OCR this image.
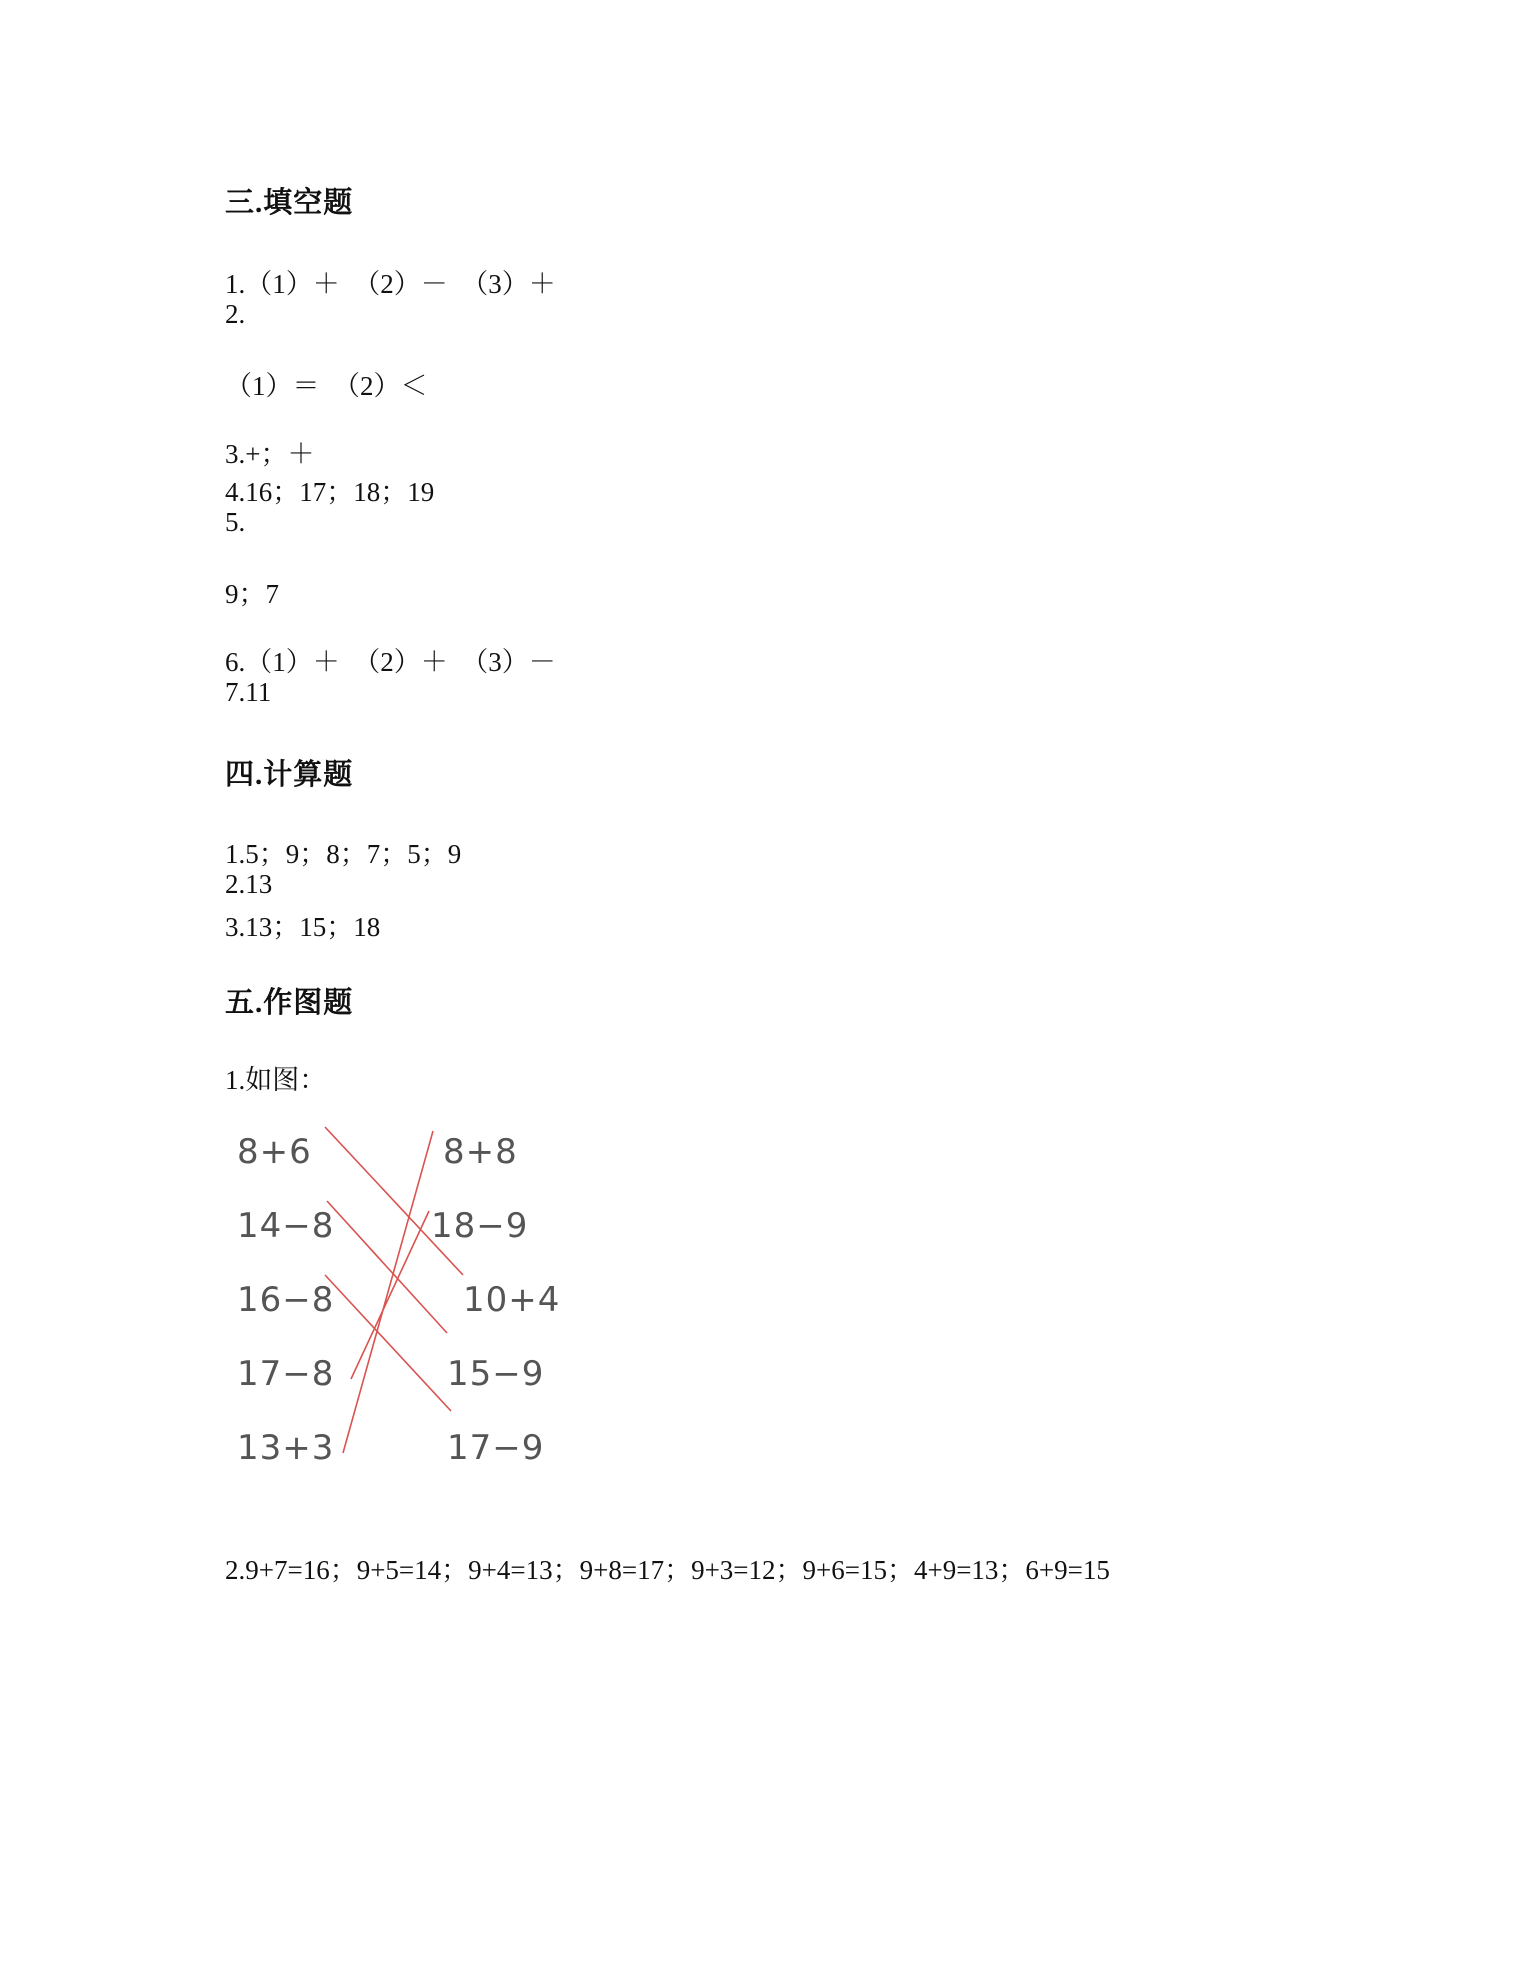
三.填空题
1.（1）＋　（2）－　（3）＋
2.
（1）＝　（2）＜
3.+；＋
4.16；17；18；19
5.
9；7
6.（1）＋　（2）＋　（3）－
7.11
四.计算题
1.5；9；8；7；5；9
2.13
3.13；15；18
五.作图题
1.如图：
8+6
14−8
16−8
17−8
13+3
8+8
18−9
10+4
15−9
17−9
2.9+7=16；9+5=14；9+4=13；9+8=17；9+3=12；9+6=15；4+9=13；6+9=15
